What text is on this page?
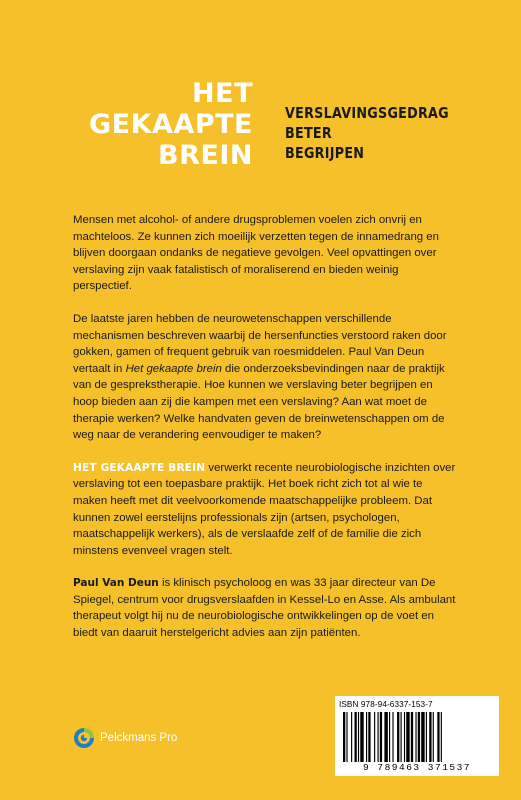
HET
GEKAAPTE
BREIN
VERSLAVINGSGEDRAG
BETER
BEGRIJPEN

Mensen met alcohol- of andere drugsproblemen voelen zich onvrij en machteloos. Ze kunnen zich moeilijk verzetten tegen de innamedrang en blijven doorgaan ondanks de negatieve gevolgen. Veel opvattingen over verslaving zijn vaak fatalistisch of moraliserend en bieden weinig perspectief.

De laatste jaren hebben de neurowetenschappen verschillende mechanismen beschreven waarbij de hersenfuncties verstoord raken door gokken, gamen of frequent gebruik van roesmiddelen. Paul Van Deun vertaalt in Het gekaapte brein die onderzoeksbevindingen naar de praktijk van de gesprekstherapie. Hoe kunnen we verslaving beter begrijpen en hoop bieden aan zij die kampen met een verslaving? Aan wat moet de therapie werken? Welke handvaten geven de breinwetenschappen om de weg naar de verandering eenvoudiger te maken?

HET GEKAAPTE BREIN verwerkt recente neurobiologische inzichten over verslaving tot een toepasbare praktijk. Het boek richt zich tot al wie te maken heeft met dit veelvoorkomende maatschappelijke probleem. Dat kunnen zowel eerstelijns professionals zijn (artsen, psychologen, maatschappelijk werkers), als de verslaafde zelf of de familie die zich minstens evenveel vragen stelt.

Paul Van Deun is klinisch psycholoog en was 33 jaar directeur van De Spiegel, centrum voor drugsverslaafden in Kessel-Lo en Asse. Als ambulant therapeut volgt hij nu de neurobiologische ontwikkelingen op de voet en biedt van daaruit herstelgericht advies aan zijn patiënten.

Pelckmans Pro
ISBN 978-94-6337-153-7
9 789463 371537
